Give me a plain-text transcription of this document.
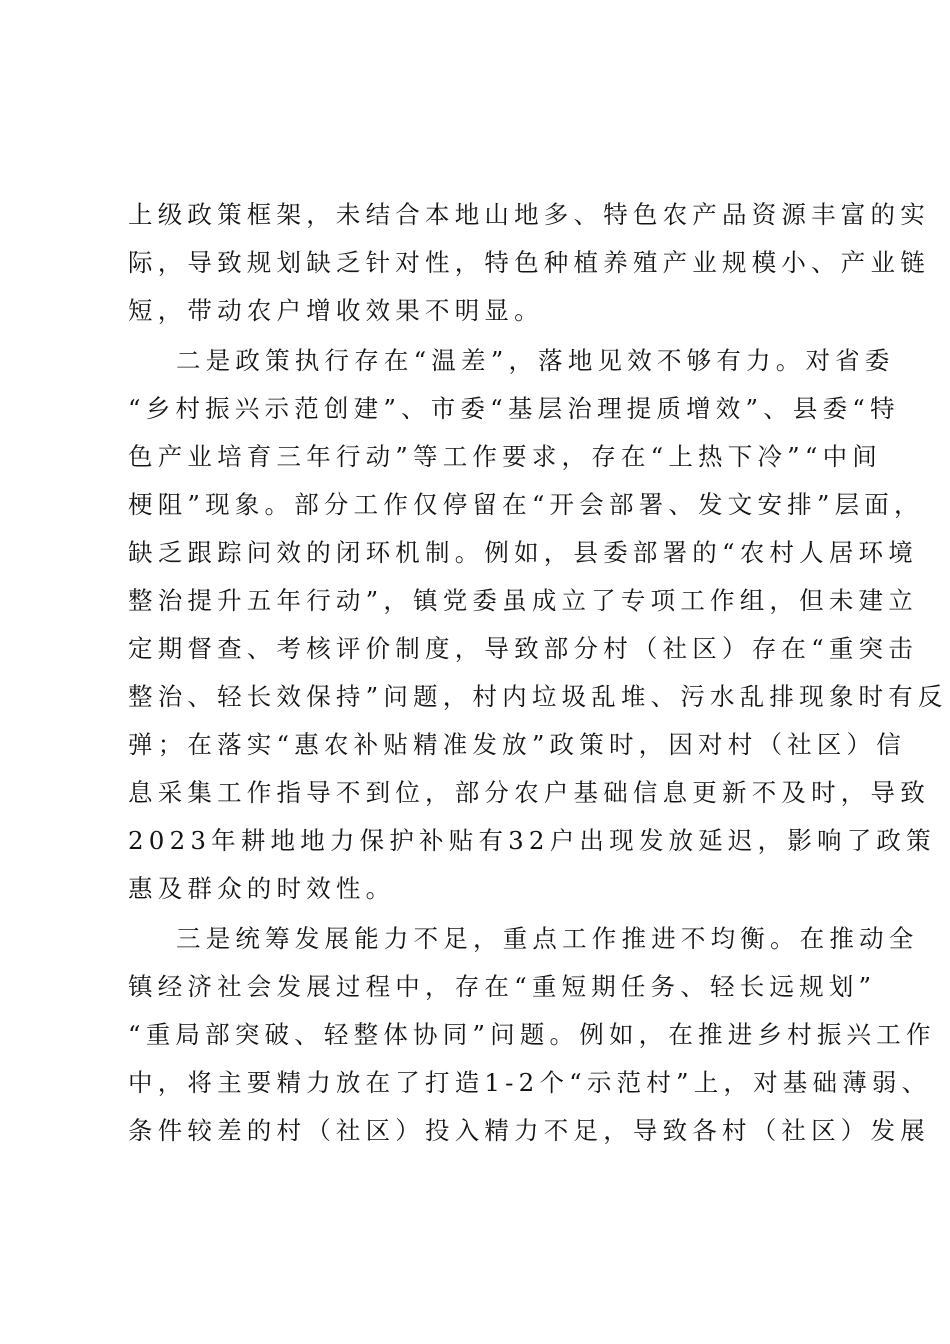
上级政策框架，未结合本地山地多、特色农产品资源丰富的实
际，导致规划缺乏针对性，特色种植养殖产业规模小、产业链
短，带动农户增收效果不明显。
二是政策执行存在“温差”，落地见效不够有力。对省委
“乡村振兴示范创建”、市委“基层治理提质增效”、县委“特
色产业培育三年行动”等工作要求，存在“上热下冷”“中间
梗阻”现象。部分工作仅停留在“开会部署、发文安排”层面，
缺乏跟踪问效的闭环机制。例如，县委部署的“农村人居环境
整治提升五年行动”，镇党委虽成立了专项工作组，但未建立
定期督查、考核评价制度，导致部分村（社区）存在“重突击
整治、轻长效保持”问题，村内垃圾乱堆、污水乱排现象时有反
弹；在落实“惠农补贴精准发放”政策时，因对村（社区）信
息采集工作指导不到位，部分农户基础信息更新不及时，导致
2023年耕地地力保护补贴有32户出现发放延迟，影响了政策
惠及群众的时效性。
三是统筹发展能力不足，重点工作推进不均衡。在推动全
镇经济社会发展过程中，存在“重短期任务、轻长远规划”
“重局部突破、轻整体协同”问题。例如，在推进乡村振兴工作
中，将主要精力放在了打造1-2个“示范村”上，对基础薄弱、
条件较差的村（社区）投入精力不足，导致各村（社区）发展
